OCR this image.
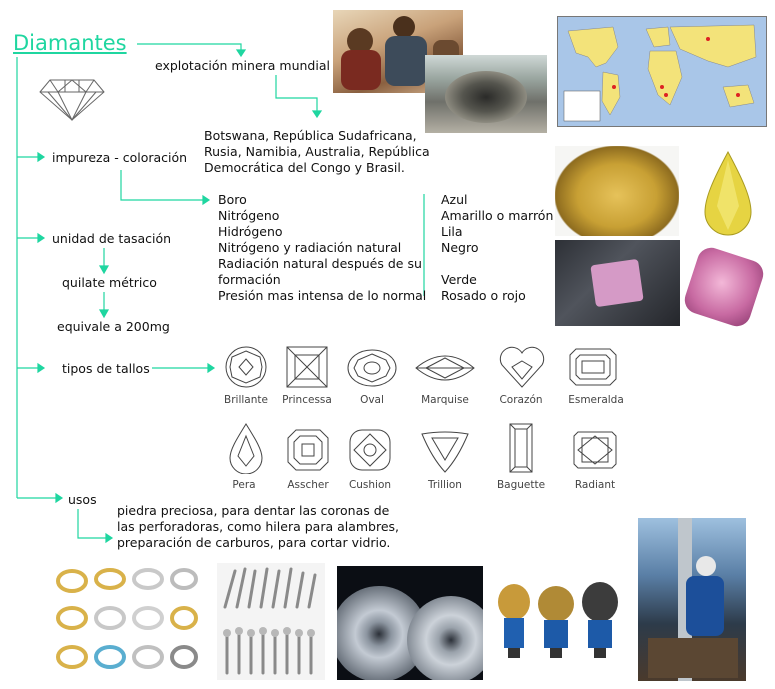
Diamantes
explotación minera mundial
Botswana, República Sudafricana,
Rusia, Namibia, Australia, República
Democrática del Congo y Brasil.
impureza - coloración
Boro
Nitrógeno
Hidrógeno
Nitrógeno y radiación natural
Radiación natural después de su
formación
Presión mas intensa de lo normal
Azul
Amarillo o marrón
Lila
Negro
Verde
Rosado o rojo
unidad de tasación
quilate métrico
equivale a 200mg
tipos de tallos
usos
piedra preciosa, para dentar las coronas de
las perforadoras, como hilera para alambres,
preparación de carburos, para cortar vidrio.
Brillante	Princessa	Oval	Marquise	Corazón	Esmeralda
Pera	Asscher	Cushion	Trillion	Baguette	Radiant
